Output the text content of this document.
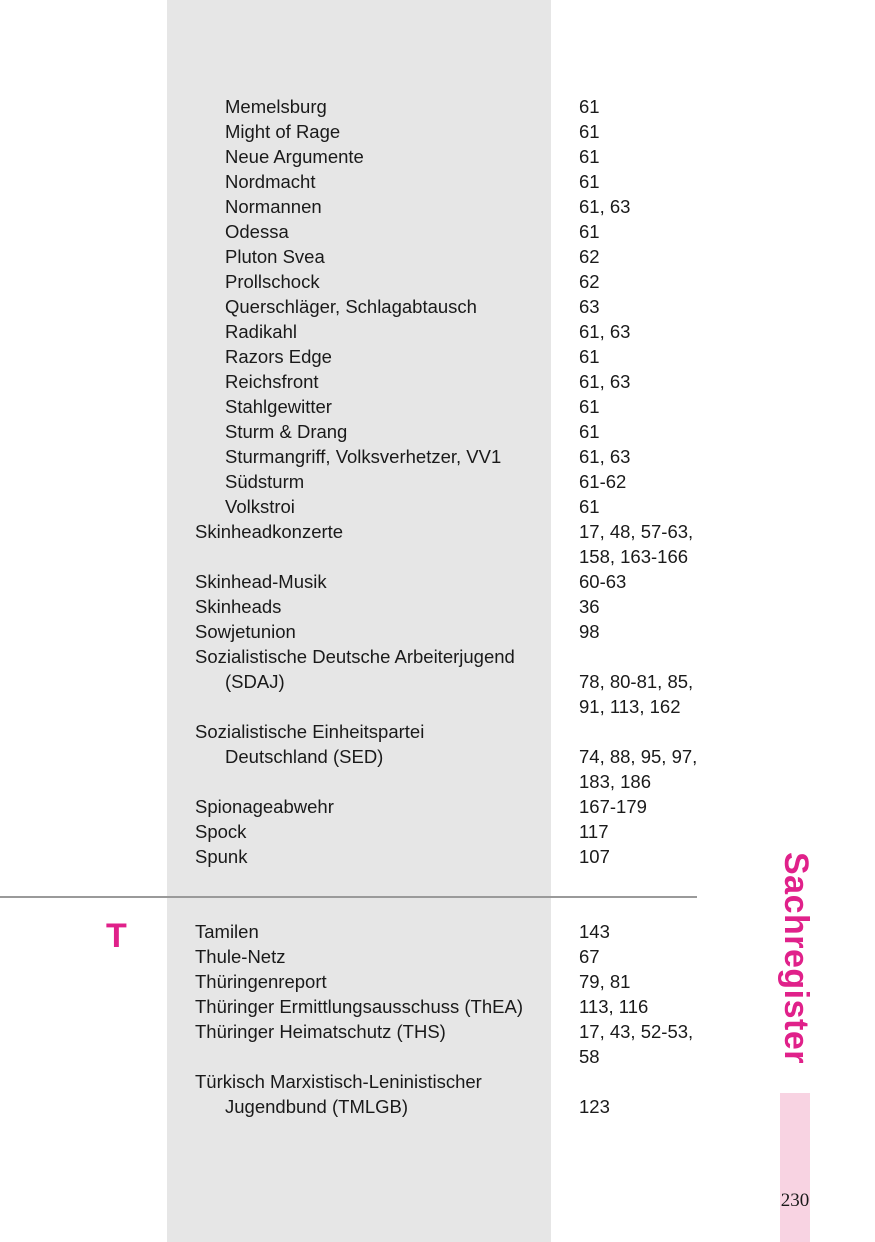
T
Memelsburg	61
Might of Rage	61
Neue Argumente	61
Nordmacht	61
Normannen	61, 63
Odessa	61
Pluton Svea	62
Prollschock	62
Querschläger, Schlagabtausch	63
Radikahl	61, 63
Razors Edge	61
Reichsfront	61, 63
Stahlgewitter	61
Sturm & Drang	61
Sturmangriff, Volksverhetzer, VV1	61, 63
Südsturm	61-62
Volkstroi	61
Skinheadkonzerte	17, 48, 57-63,
158, 163-166
Skinhead-Musik	60-63
Skinheads	36
Sowjetunion	98
Sozialistische Deutsche Arbeiterjugend
(SDAJ)	78, 80-81, 85,
91, 113, 162
Sozialistische Einheitspartei
Deutschland (SED)	74, 88, 95, 97,
183, 186
Spionageabwehr	167-179
Spock	117
Spunk	107
Tamilen	143
Thule-Netz	67
Thüringenreport	79, 81
Thüringer Ermittlungsausschuss (ThEA)	113, 116
Thüringer Heimatschutz (THS)	17, 43, 52-53,
58
Türkisch Marxistisch-Leninistischer
Jugendbund (TMLGB)	123
Sachregister
230
